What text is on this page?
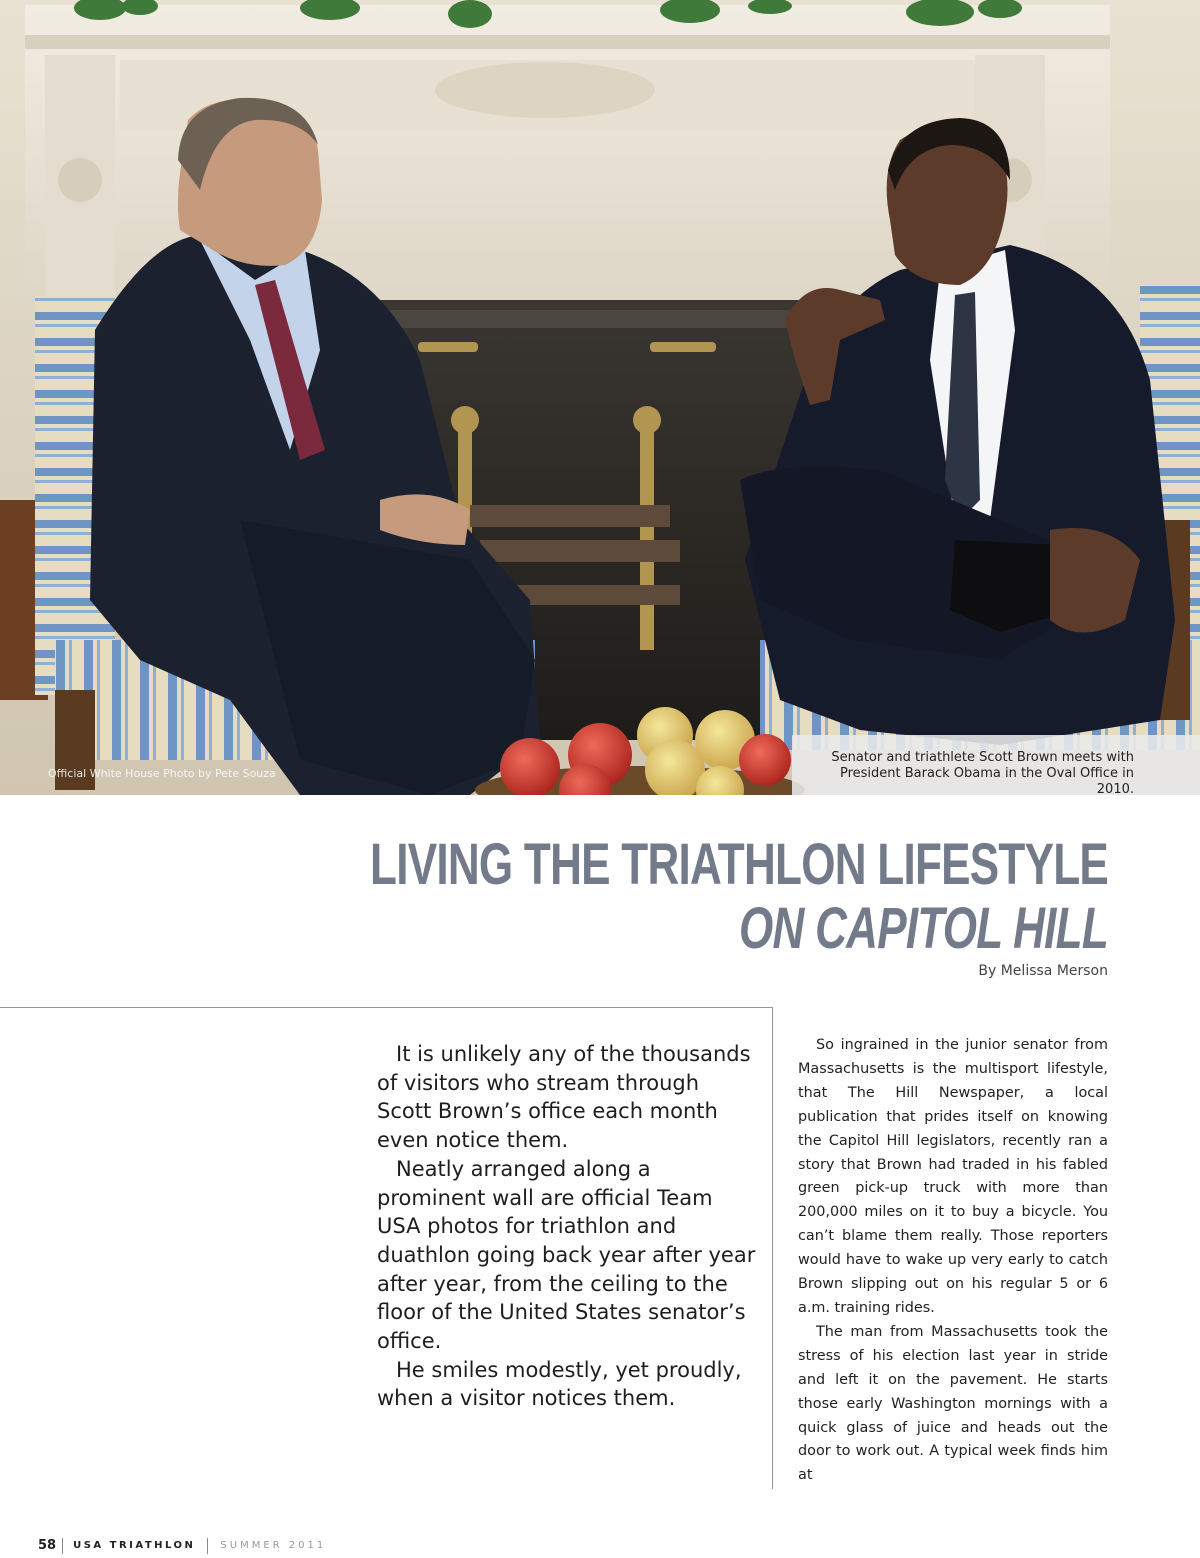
Official White House Photo by Pete Souza
Senator and triathlete Scott Brown meets with
President Barack Obama in the Oval Office in 2010.
LIVING THE TRIATHLON LIFESTYLE
ON CAPITOL HILL
By Melissa Merson

It is unlikely any of the thousands of visitors who stream through Scott Brown’s office each month even notice them.

Neatly arranged along a prominent wall are official Team USA photos for triathlon and duathlon going back year after year after year, from the ceiling to the floor of the United States senator’s office.

He smiles modestly, yet proudly, when a visitor notices them.

So ingrained in the junior senator from Massachusetts is the multisport lifestyle, that The Hill Newspaper, a local publication that prides itself on knowing the Capitol Hill legislators, recently ran a story that Brown had traded in his fabled green pick-up truck with more than 200,000 miles on it to buy a bicycle. You can’t blame them really. Those reporters would have to wake up very early to catch Brown slipping out on his regular 5 or 6 a.m. training rides.

The man from Massachusetts took the stress of his election last year in stride and left it on the pavement. He starts those early Washington mornings with a quick glass of juice and heads out the door to work out. A typical week finds him at

58	USA TRIATHLON	SUMMER 2011
